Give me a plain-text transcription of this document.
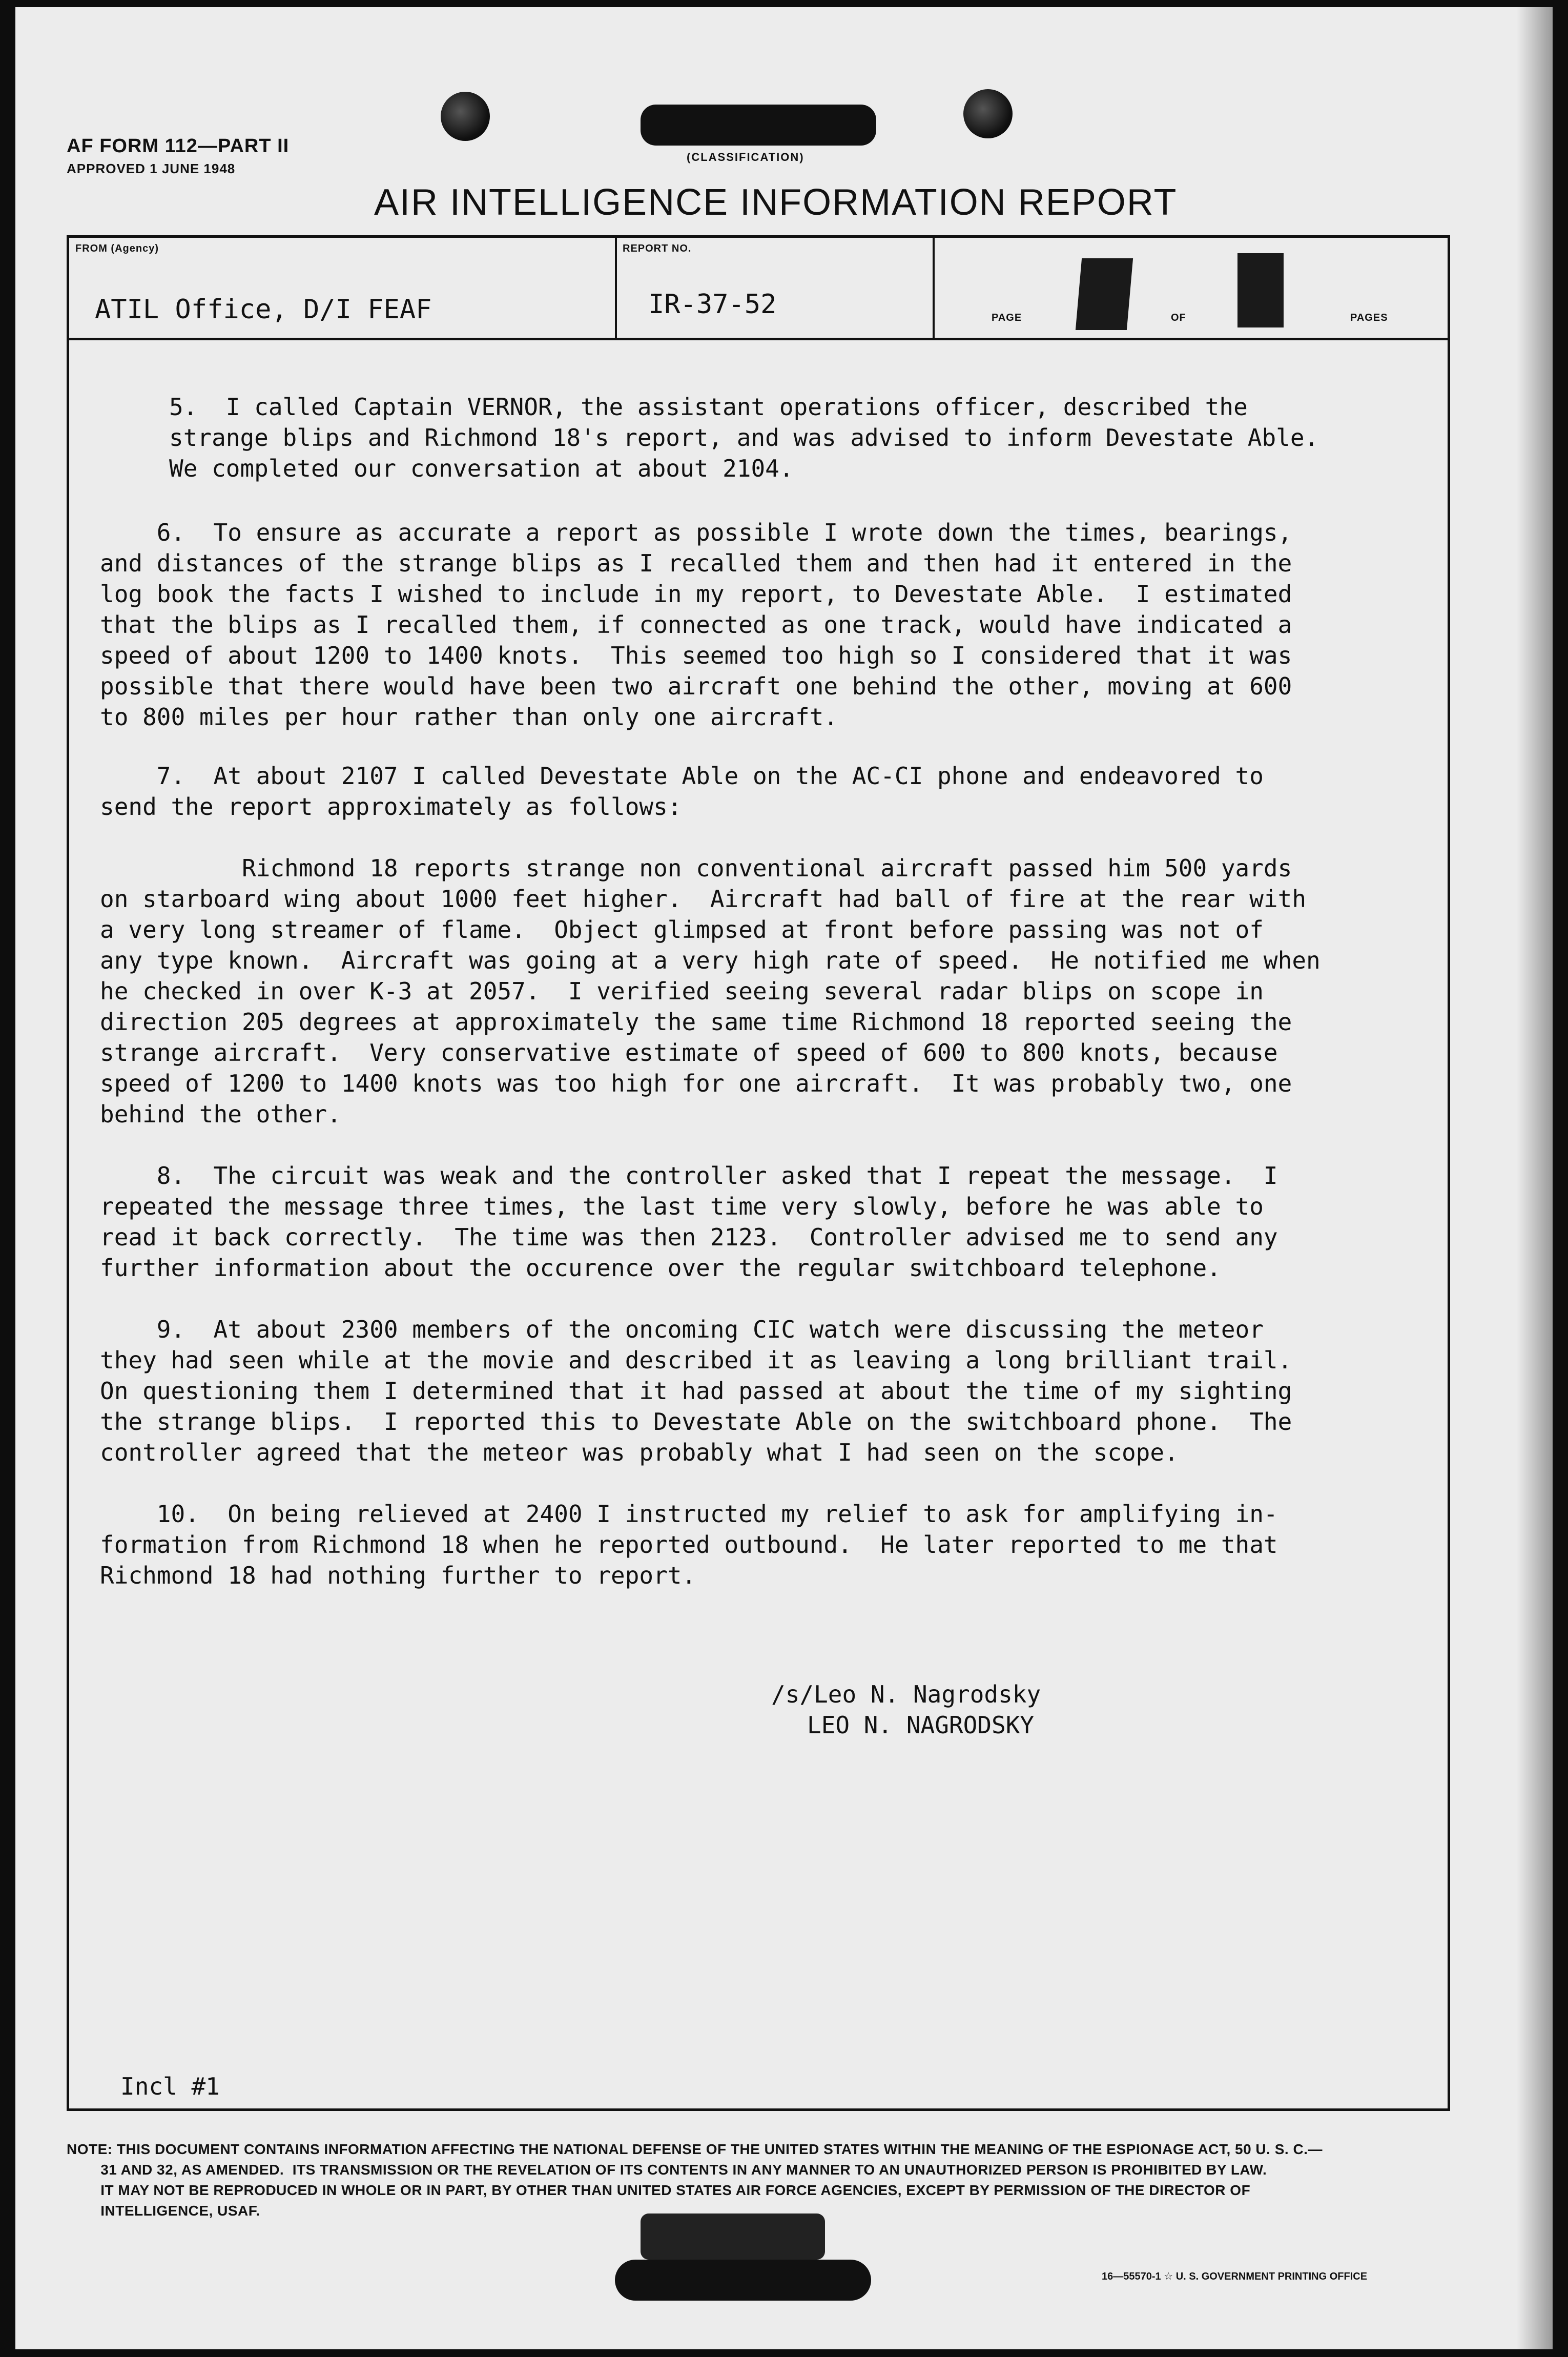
AF FORM 112—PART II
APPROVED 1 JUNE 1948
(CLASSIFICATION)
AIR INTELLIGENCE INFORMATION REPORT
FROM (Agency)
ATIL Office, D/I FEAF
REPORT NO.
IR-37-52	PAGE	OF	PAGES
5.  I called Captain VERNOR, the assistant operations officer, described the
strange blips and Richmond 18's report, and was advised to inform Devestate Able.
We completed our conversation at about 2104.
6.  To ensure as accurate a report as possible I wrote down the times, bearings,
and distances of the strange blips as I recalled them and then had it entered in the
log book the facts I wished to include in my report, to Devestate Able.  I estimated
that the blips as I recalled them, if connected as one track, would have indicated a
speed of about 1200 to 1400 knots.  This seemed too high so I considered that it was
possible that there would have been two aircraft one behind the other, moving at 600
to 800 miles per hour rather than only one aircraft.
7.  At about 2107 I called Devestate Able on the AC-CI phone and endeavored to
send the report approximately as follows:
Richmond 18 reports strange non conventional aircraft passed him 500 yards
on starboard wing about 1000 feet higher.  Aircraft had ball of fire at the rear with
a very long streamer of flame.  Object glimpsed at front before passing was not of
any type known.  Aircraft was going at a very high rate of speed.  He notified me when
he checked in over K-3 at 2057.  I verified seeing several radar blips on scope in
direction 205 degrees at approximately the same time Richmond 18 reported seeing the
strange aircraft.  Very conservative estimate of speed of 600 to 800 knots, because
speed of 1200 to 1400 knots was too high for one aircraft.  It was probably two, one
behind the other.
8.  The circuit was weak and the controller asked that I repeat the message.  I
repeated the message three times, the last time very slowly, before he was able to
read it back correctly.  The time was then 2123.  Controller advised me to send any
further information about the occurence over the regular switchboard telephone.
9.  At about 2300 members of the oncoming CIC watch were discussing the meteor
they had seen while at the movie and described it as leaving a long brilliant trail.
On questioning them I determined that it had passed at about the time of my sighting
the strange blips.  I reported this to Devestate Able on the switchboard phone.  The
controller agreed that the meteor was probably what I had seen on the scope.
10.  On being relieved at 2400 I instructed my relief to ask for amplifying in-
formation from Richmond 18 when he reported outbound.  He later reported to me that
Richmond 18 had nothing further to report.
/s/Leo N. Nagrodsky
LEO N. NAGRODSKY
Incl #1
NOTE: THIS DOCUMENT CONTAINS INFORMATION AFFECTING THE NATIONAL DEFENSE OF THE UNITED STATES WITHIN THE MEANING OF THE ESPIONAGE ACT, 50 U. S. C.—
31 AND 32, AS AMENDED.  ITS TRANSMISSION OR THE REVELATION OF ITS CONTENTS IN ANY MANNER TO AN UNAUTHORIZED PERSON IS PROHIBITED BY LAW.
IT MAY NOT BE REPRODUCED IN WHOLE OR IN PART, BY OTHER THAN UNITED STATES AIR FORCE AGENCIES, EXCEPT BY PERMISSION OF THE DIRECTOR OF
INTELLIGENCE, USAF.
16—55570-1 ☆ U. S. GOVERNMENT PRINTING OFFICE
